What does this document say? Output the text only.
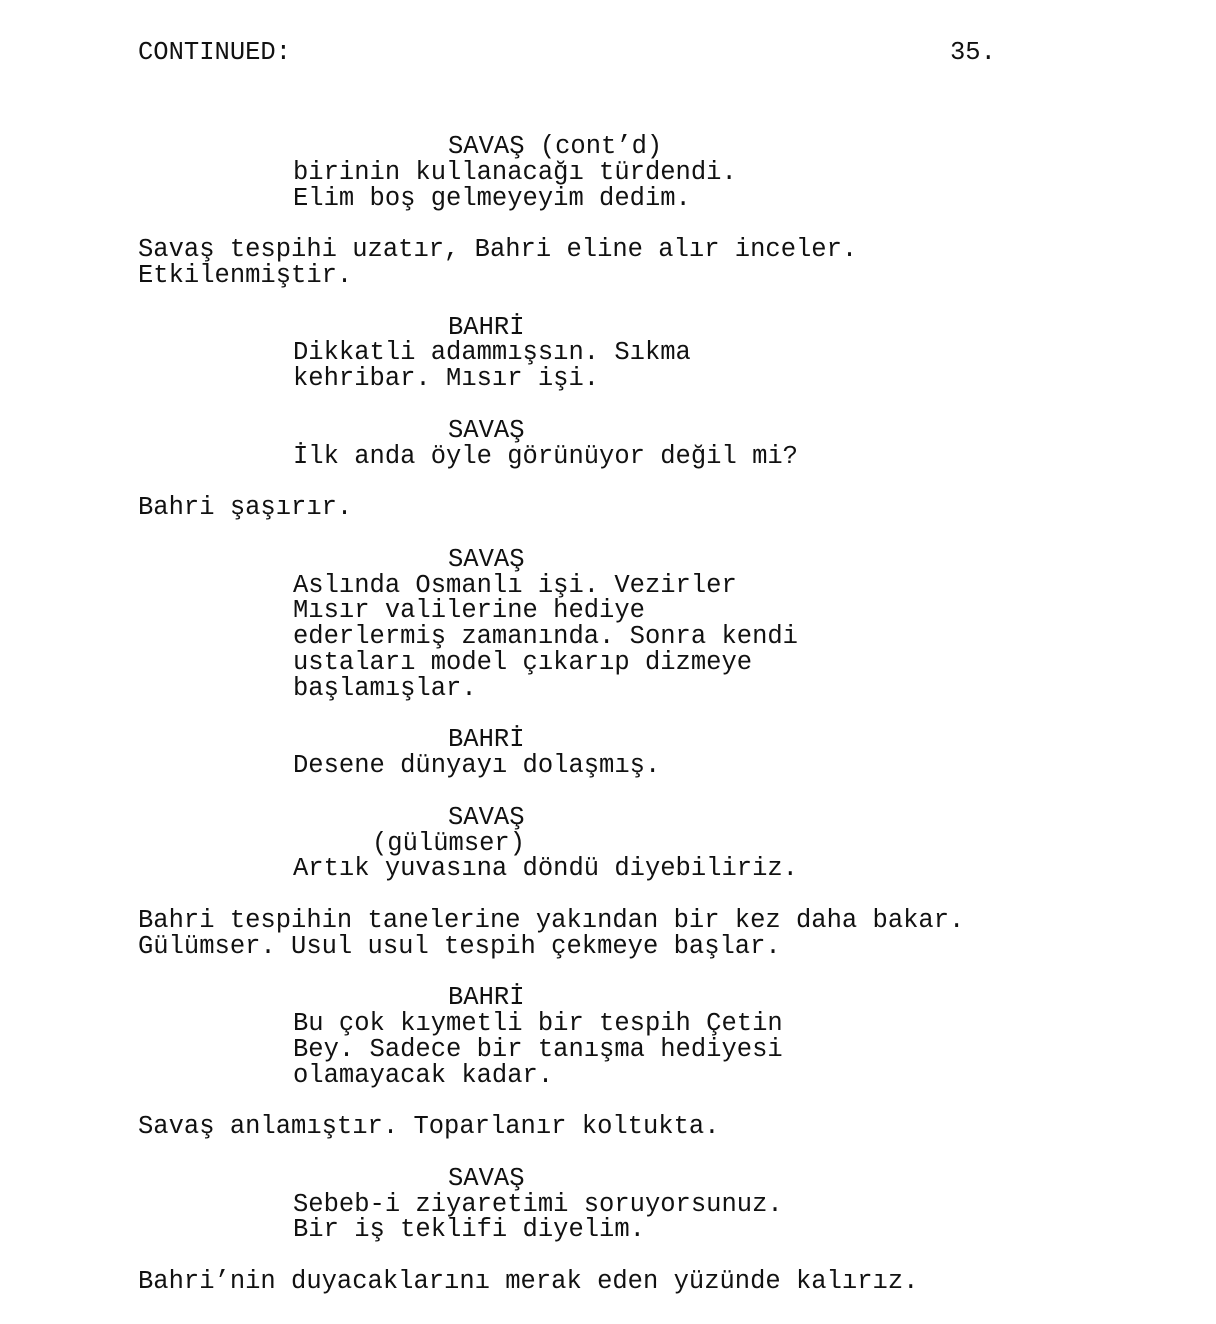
CONTINUED:	35.
SAVAŞ (cont’d)
birinin kullanacağı türdendi.
Elim boş gelmeyeyim dedim.
Savaş tespihi uzatır, Bahri eline alır inceler.
Etkilenmiştir.
BAHRİ
Dikkatli adammışsın. Sıkma
kehribar. Mısır işi.
SAVAŞ
İlk anda öyle görünüyor değil mi?
Bahri şaşırır.
SAVAŞ
Aslında Osmanlı işi. Vezirler
Mısır valilerine hediye
ederlermiş zamanında. Sonra kendi
ustaları model çıkarıp dizmeye
başlamışlar.
BAHRİ
Desene dünyayı dolaşmış.
SAVAŞ
(gülümser)
Artık yuvasına döndü diyebiliriz.
Bahri tespihin tanelerine yakından bir kez daha bakar.
Gülümser. Usul usul tespih çekmeye başlar.
BAHRİ
Bu çok kıymetli bir tespih Çetin
Bey. Sadece bir tanışma hediyesi
olamayacak kadar.
Savaş anlamıştır. Toparlanır koltukta.
SAVAŞ
Sebeb-i ziyaretimi soruyorsunuz.
Bir iş teklifi diyelim.
Bahri’nin duyacaklarını merak eden yüzünde kalırız.
